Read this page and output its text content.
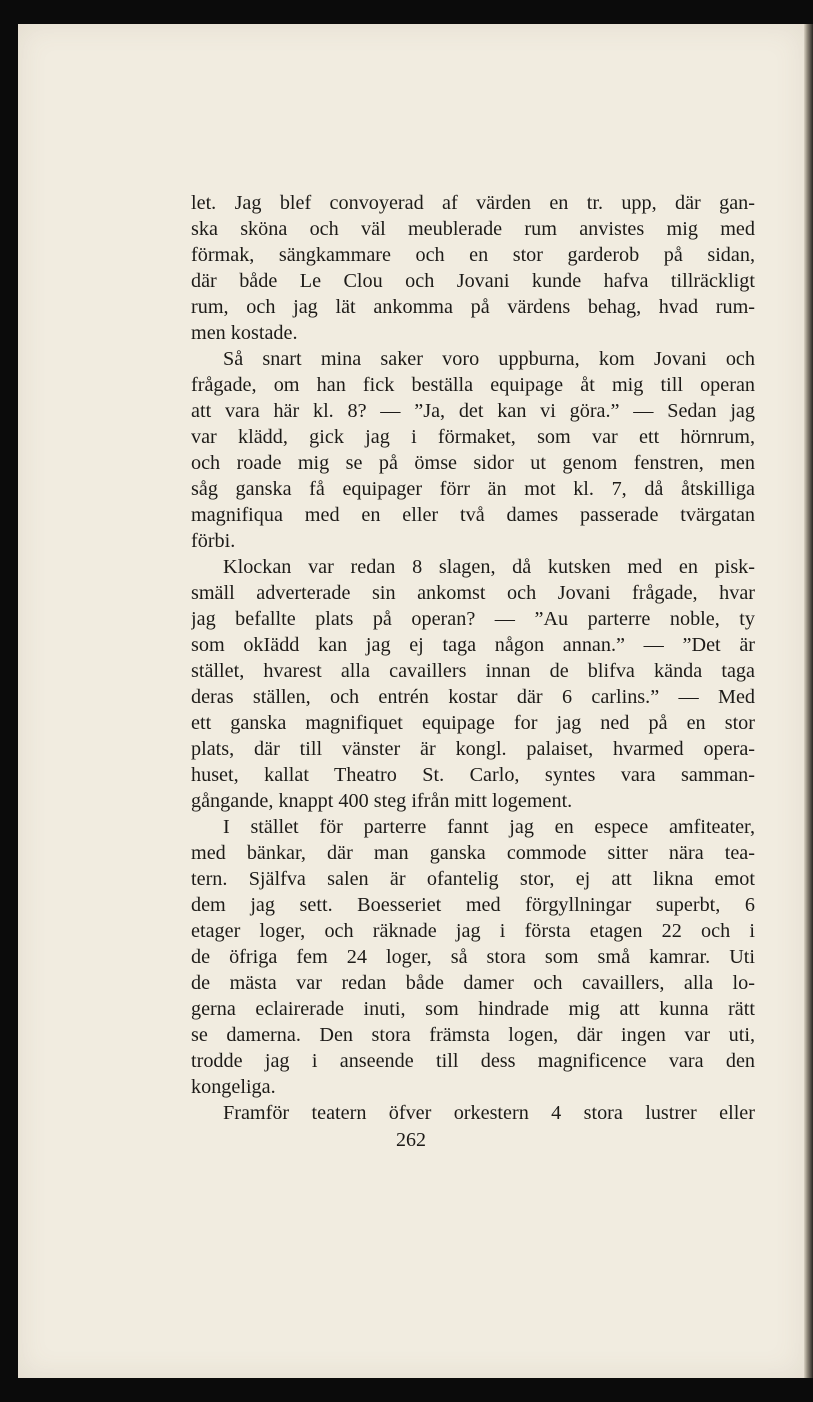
let. Jag blef convoyerad af värden en tr. upp, där gan-
ska sköna och väl meublerade rum anvistes mig med
förmak, sängkammare och en stor garderob på sidan,
där både Le Clou och Jovani kunde hafva tillräckligt
rum, och jag lät ankomma på värdens behag, hvad rum-
men kostade.
Så snart mina saker voro uppburna, kom Jovani och
frågade, om han fick beställa equipage åt mig till operan
att vara här kl. 8? — ”Ja, det kan vi göra.” — Sedan jag
var klädd, gick jag i förmaket, som var ett hörnrum,
och roade mig se på ömse sidor ut genom fenstren, men
såg ganska få equipager förr än mot kl. 7, då åtskilliga
magnifiqua med en eller två dames passerade tvärgatan
förbi.
Klockan var redan 8 slagen, då kutsken med en pisk-
smäll adverterade sin ankomst och Jovani frågade, hvar
jag befallte plats på operan? — ”Au parterre noble, ty
som okIädd kan jag ej taga någon annan.” — ”Det är
stället, hvarest alla cavaillers innan de blifva kända taga
deras ställen, och entrén kostar där 6 carlins.” — Med
ett ganska magnifiquet equipage for jag ned på en stor
plats, där till vänster är kongl. palaiset, hvarmed opera-
huset, kallat Theatro St. Carlo, syntes vara samman-
gångande, knappt 400 steg ifrån mitt logement.
I stället för parterre fannt jag en espece amfiteater,
med bänkar, där man ganska commode sitter nära tea-
tern. Själfva salen är ofantelig stor, ej att likna emot
dem jag sett. Boesseriet med förgyllningar superbt, 6
etager loger, och räknade jag i första etagen 22 och i
de öfriga fem 24 loger, så stora som små kamrar. Uti
de mästa var redan både damer och cavaillers, alla lo-
gerna eclairerade inuti, som hindrade mig att kunna rätt
se damerna. Den stora främsta logen, där ingen var uti,
trodde jag i anseende till dess magnificence vara den
kongeliga.
Framför teatern öfver orkestern 4 stora lustrer eller
262
